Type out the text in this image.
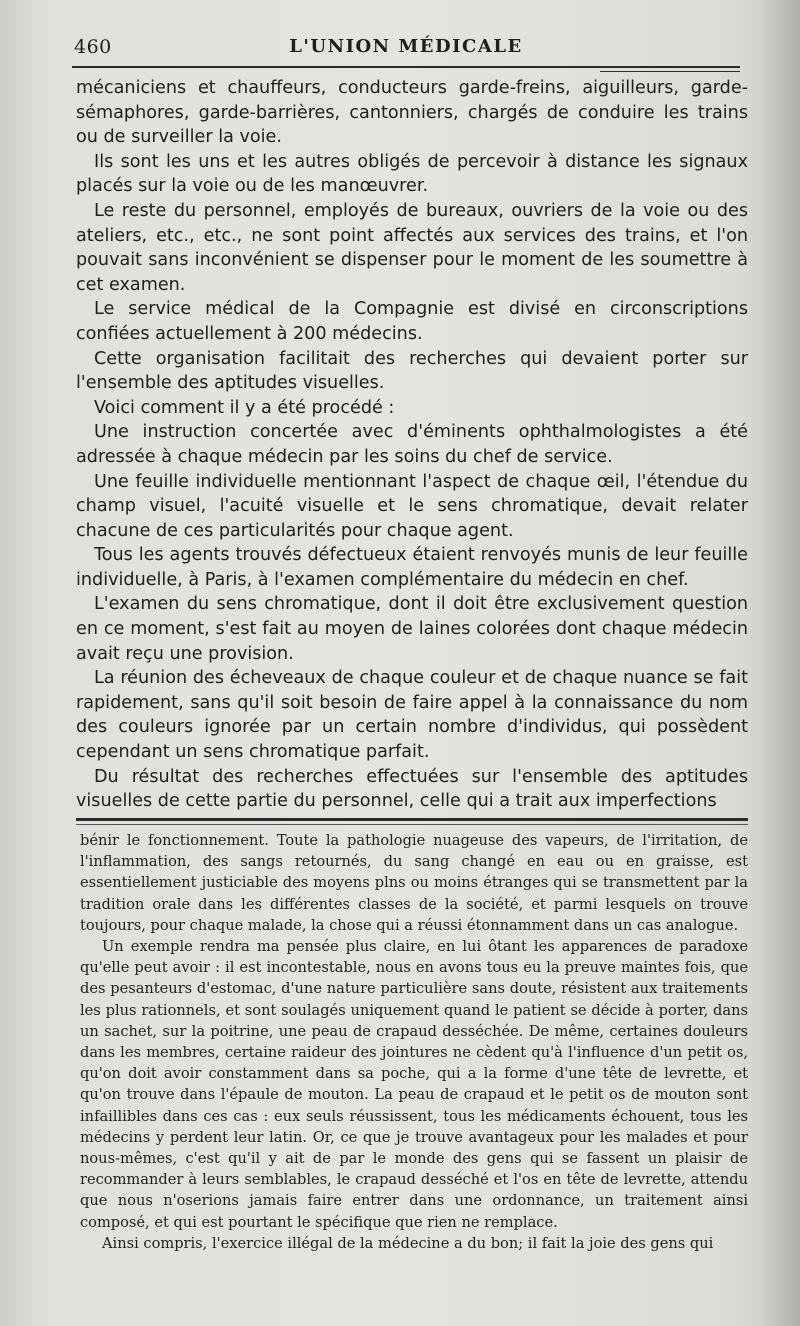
460	L'UNION MÉDICALE

mécaniciens et chauffeurs, conducteurs garde-freins, aiguilleurs, garde-sémaphores, garde-barrières, cantonniers, chargés de conduire les trains ou de surveiller la voie.

Ils sont les uns et les autres obligés de percevoir à distance les signaux placés sur la voie ou de les manœuvrer.

Le reste du personnel, employés de bureaux, ouvriers de la voie ou des ateliers, etc., etc., ne sont point affectés aux services des trains, et l'on pouvait sans inconvénient se dispenser pour le moment de les soumettre à cet examen.

Le service médical de la Compagnie est divisé en circonscriptions confiées actuellement à 200 médecins.

Cette organisation facilitait des recherches qui devaient porter sur l'ensemble des aptitudes visuelles.

Voici comment il y a été procédé :

Une instruction concertée avec d'éminents ophthalmologistes a été adressée à chaque médecin par les soins du chef de service.

Une feuille individuelle mentionnant l'aspect de chaque œil, l'étendue du champ visuel, l'acuité visuelle et le sens chromatique, devait relater chacune de ces particularités pour chaque agent.

Tous les agents trouvés défectueux étaient renvoyés munis de leur feuille individuelle, à Paris, à l'examen complémentaire du médecin en chef.

L'examen du sens chromatique, dont il doit être exclusivement question en ce moment, s'est fait au moyen de laines colorées dont chaque médecin avait reçu une provision.

La réunion des écheveaux de chaque couleur et de chaque nuance se fait rapidement, sans qu'il soit besoin de faire appel à la connaissance du nom des couleurs ignorée par un certain nombre d'individus, qui possèdent cependant un sens chromatique parfait.

Du résultat des recherches effectuées sur l'ensemble des aptitudes visuelles de cette partie du personnel, celle qui a trait aux imperfections

bénir le fonctionnement. Toute la pathologie nuageuse des vapeurs, de l'irritation, de l'inflammation, des sangs retournés, du sang changé en eau ou en graisse, est essentiellement justiciable des moyens plns ou moins étranges qui se transmettent par la tradition orale dans les différentes classes de la société, et parmi lesquels on trouve toujours, pour chaque malade, la chose qui a réussi étonnamment dans un cas analogue.

Un exemple rendra ma pensée plus claire, en lui ôtant les apparences de paradoxe qu'elle peut avoir : il est incontestable, nous en avons tous eu la preuve maintes fois, que des pesanteurs d'estomac, d'une nature particulière sans doute, résistent aux traitements les plus rationnels, et sont soulagés uniquement quand le patient se décide à porter, dans un sachet, sur la poitrine, une peau de crapaud desséchée. De même, certaines douleurs dans les membres, certaine raideur des jointures ne cèdent qu'à l'influence d'un petit os, qu'on doit avoir constamment dans sa poche, qui a la forme d'une tête de levrette, et qu'on trouve dans l'épaule de mouton. La peau de crapaud et le petit os de mouton sont infaillibles dans ces cas : eux seuls réussissent, tous les médicaments échouent, tous les médecins y perdent leur latin. Or, ce que je trouve avantageux pour les malades et pour nous-mêmes, c'est qu'il y ait de par le monde des gens qui se fassent un plaisir de recommander à leurs semblables, le crapaud desséché et l'os en tête de levrette, attendu que nous n'oserions jamais faire entrer dans une ordonnance, un traitement ainsi composé, et qui est pourtant le spécifique que rien ne remplace.

Ainsi compris, l'exercice illégal de la médecine a du bon; il fait la joie des gens qui
